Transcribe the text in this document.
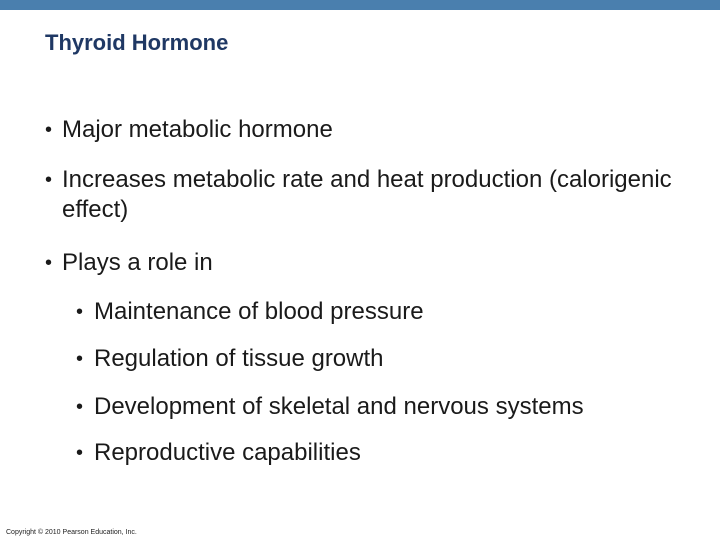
Thyroid Hormone
• Major metabolic hormone
• Increases metabolic rate and heat production (calorigenic effect)
• Plays a role in
• Maintenance of blood pressure
• Regulation of tissue growth
• Development of skeletal and nervous systems
• Reproductive capabilities
Copyright © 2010 Pearson Education, Inc.
